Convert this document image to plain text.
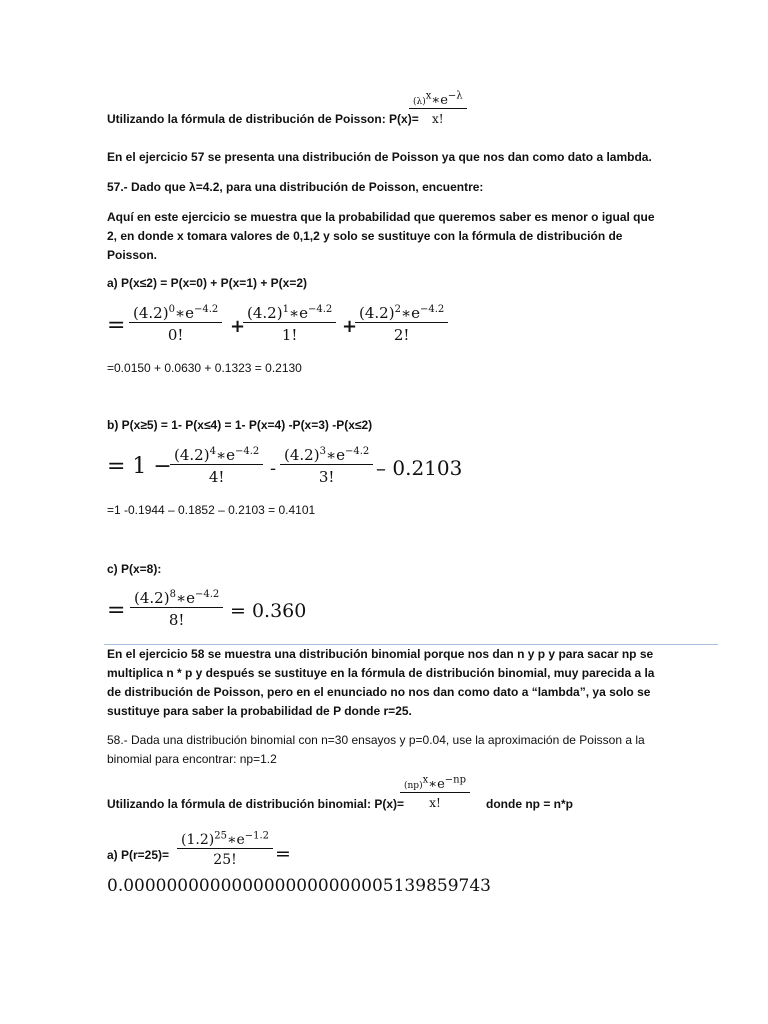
Utilizando la fórmula de distribución de Poisson: P(x)=
$\frac{(\lambda)^x∗e^{-\lambda}}{x!}$
En el ejercicio 57 se presenta una distribución de Poisson ya que nos dan como dato a lambda.
57.- Dado que λ=4.2, para una distribución de Poisson, encuentre:
Aquí en este ejercicio se muestra que la probabilidad que queremos saber es menor o igual que 2, en donde x tomara valores de 0,1,2 y solo se sustituye con la fórmula de distribución de Poisson.
a) P(x≤2) = P(x=0) + P(x=1) + P(x=2)
= $\frac{(4.2)^0∗e^{-4.2}}{0!}$ +
$\frac{(4.2)^1∗e^{-4.2}}{1!}$ +
$\frac{(4.2)^2∗e^{-4.2}}{2!}$
=0.0150 + 0.0630 + 0.1323 = 0.2130
b) P(x≥5) = 1- P(x≤4) = 1- P(x=4) -P(x=3) -P(x≤2)
= 1 −
$\frac{(4.2)^4∗e^{-4.2}}{4!} - \frac{(4.2)^3∗e^{-4.2}}{3!} - 0.2103$
=1 -0.1944 – 0.1852 – 0.2103 = 0.4101
c) P(x=8):
= $\frac{(4.2)^8∗e^{-4.2}}{8!} = 0.360$
En el ejercicio 58 se muestra una distribución binomial porque nos dan n y p y para sacar np se multiplica n * p y después se sustituye en la fórmula de distribución binomial, muy parecida a la de distribución de Poisson, pero en el enunciado no nos dan como dato a “lambda”, ya solo se sustituye para saber la probabilidad de P donde r=25.
58.- Dada una distribución binomial con n=30 ensayos y p=0.04, use la aproximación de Poisson a la binomial para encontrar: np=1.2
Utilizando la fórmula de distribución binomial: P(x)=
$\frac{(np)^x∗e^{-np}}{x!}$ donde np = n*p
a) $P(r=25)= \frac{(1.2)^{25}∗e^{-1.2}}{25!}$ =
0.0000000000000000000000005139859743
